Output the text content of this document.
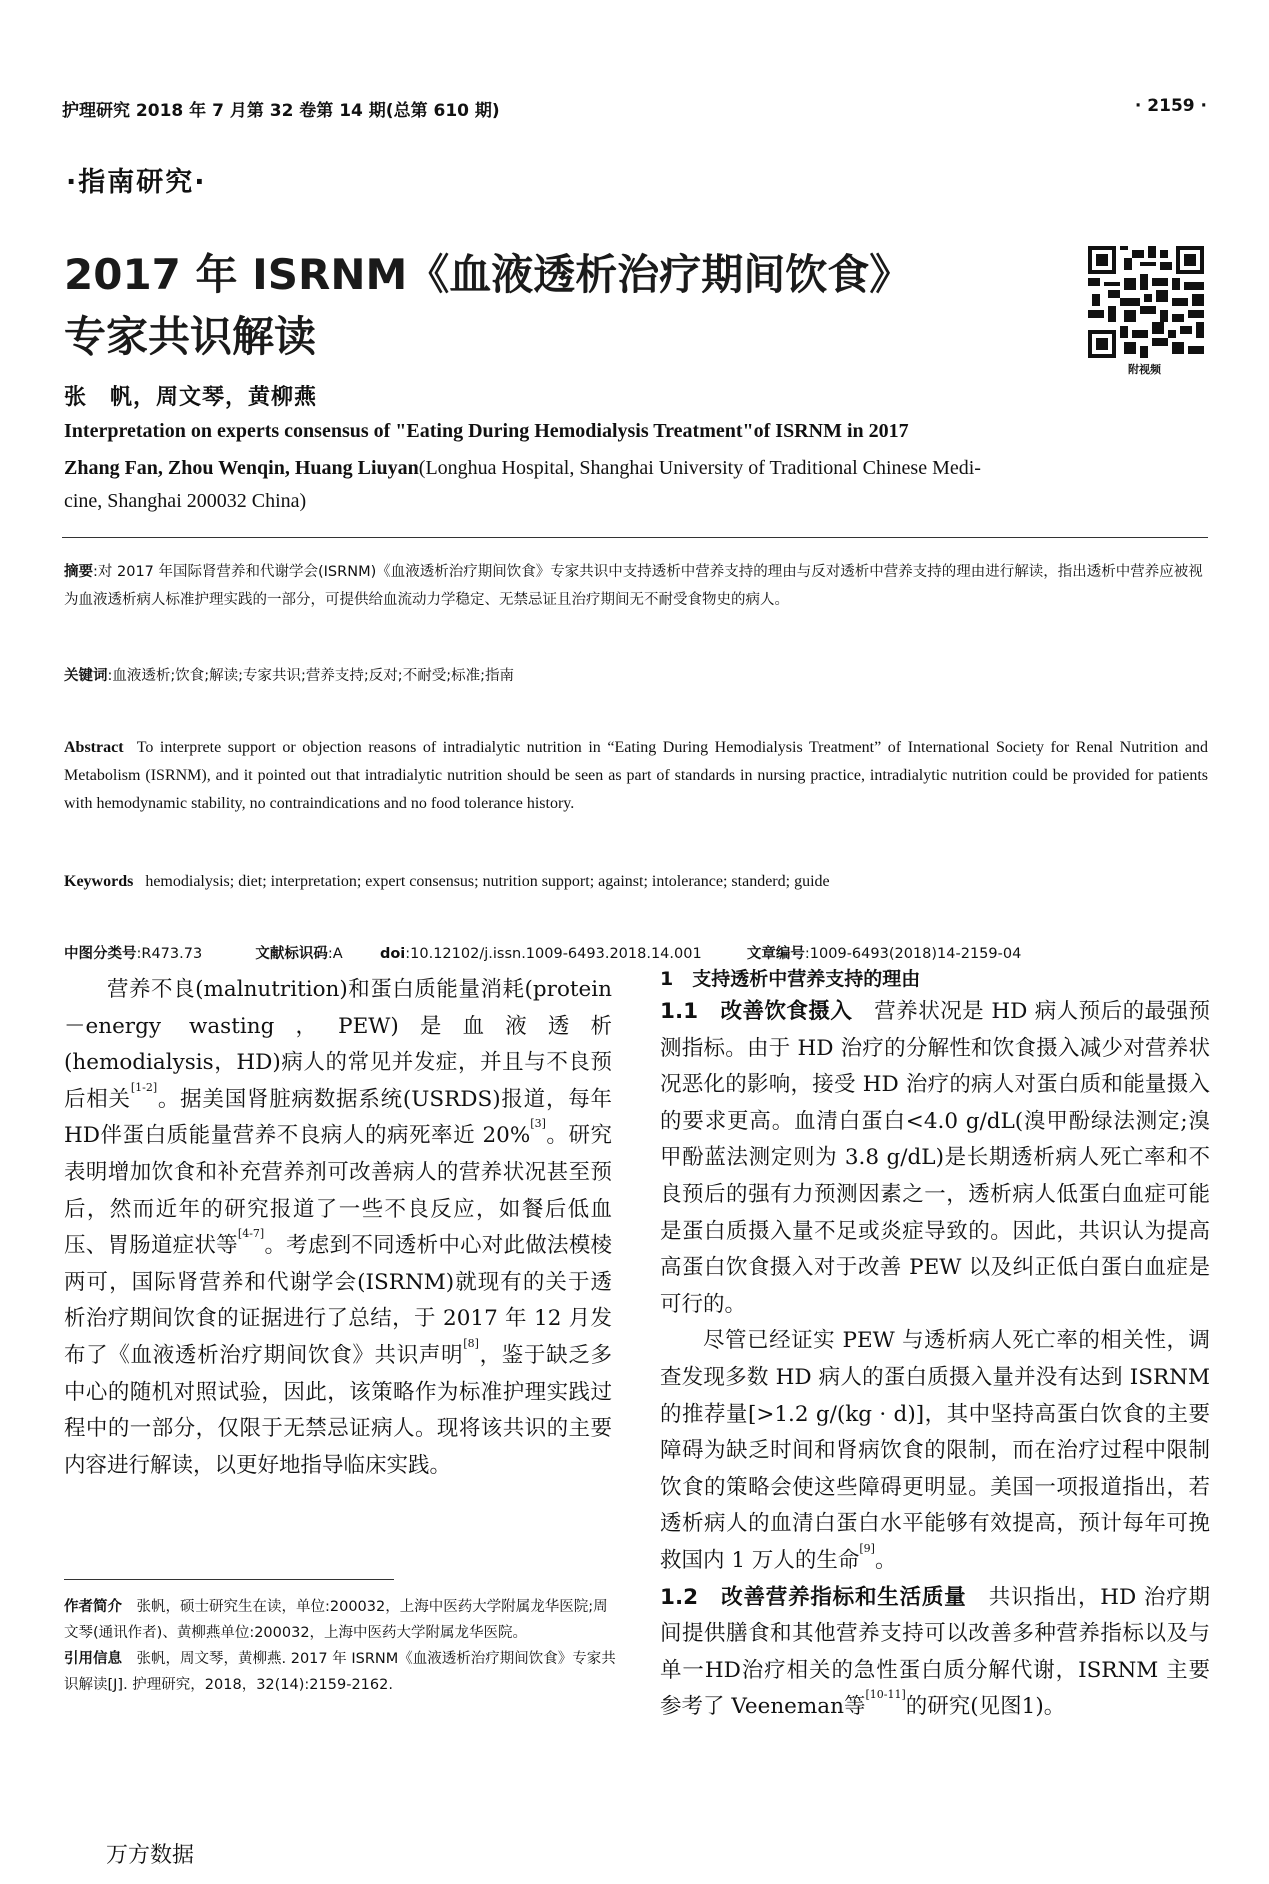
护理研究 2018 年 7 月第 32 卷第 14 期(总第 610 期)	· 2159 ·
·指南研究·
2017 年 ISRNM《血液透析治疗期间饮食》
专家共识解读
附视频
张　帆，周文琴，黄柳燕
Interpretation on experts consensus of "Eating During Hemodialysis Treatment"of ISRNM in 2017
Zhang Fan, Zhou Wenqin, Huang Liuyan(Longhua Hospital, Shanghai University of Traditional Chinese Medi-
cine, Shanghai 200032 China)
摘要:对 2017 年国际肾营养和代谢学会(ISRNM)《血液透析治疗期间饮食》专家共识中支持透析中营养支持的理由与反对透析中营养支持的理由进行解读，指出透析中营养应被视为血液透析病人标准护理实践的一部分，可提供给血流动力学稳定、无禁忌证且治疗期间无不耐受食物史的病人。
关键词:血液透析;饮食;解读;专家共识;营养支持;反对;不耐受;标准;指南
Abstract To interprete support or objection reasons of intradialytic nutrition in “Eating During Hemodialysis Treatment” of International Society for Renal Nutrition and Metabolism (ISRNM), and it pointed out that intradialytic nutrition should be seen as part of standards in nursing practice, intradialytic nutrition could be provided for patients with hemodynamic stability, no contraindications and no food tolerance history.
Keywords hemodialysis; diet; interpretation; expert consensus; nutrition support; against; intolerance; standerd; guide
中图分类号:R473.73	文献标识码:A	doi:10.12102/j.issn.1009-6493.2018.14.001	文章编号:1009-6493(2018)14-2159-04

营养不良(malnutrition)和蛋白质能量消耗(protein－energy wasting，PEW)是血液透析(hemodialysis，HD)病人的常见并发症，并且与不良预后相关[1-2]。据美国肾脏病数据系统(USRDS)报道，每年HD伴蛋白质能量营养不良病人的病死率近 20%[3]。研究表明增加饮食和补充营养剂可改善病人的营养状况甚至预后，然而近年的研究报道了一些不良反应，如餐后低血压、胃肠道症状等[4-7]。考虑到不同透析中心对此做法模棱两可，国际肾营养和代谢学会(ISRNM)就现有的关于透析治疗期间饮食的证据进行了总结，于 2017 年 12 月发布了《血液透析治疗期间饮食》共识声明[8]，鉴于缺乏多中心的随机对照试验，因此，该策略作为标准护理实践过程中的一部分，仅限于无禁忌证病人。现将该共识的主要内容进行解读，以更好地指导临床实践。

1　支持透析中营养支持的理由

1.1　改善饮食摄入　营养状况是 HD 病人预后的最强预测指标。由于 HD 治疗的分解性和饮食摄入减少对营养状况恶化的影响，接受 HD 治疗的病人对蛋白质和能量摄入的要求更高。血清白蛋白<4.0 g/dL(溴甲酚绿法测定;溴甲酚蓝法测定则为 3.8 g/dL)是长期透析病人死亡率和不良预后的强有力预测因素之一，透析病人低蛋白血症可能是蛋白质摄入量不足或炎症导致的。因此，共识认为提高高蛋白饮食摄入对于改善 PEW 以及纠正低白蛋白血症是可行的。

尽管已经证实 PEW 与透析病人死亡率的相关性，调查发现多数 HD 病人的蛋白质摄入量并没有达到 ISRNM 的推荐量[>1.2 g/(kg · d)]，其中坚持高蛋白饮食的主要障碍为缺乏时间和肾病饮食的限制，而在治疗过程中限制饮食的策略会使这些障碍更明显。美国一项报道指出，若透析病人的血清白蛋白水平能够有效提高，预计每年可挽救国内 1 万人的生命[9]。

1.2　改善营养指标和生活质量　共识指出，HD 治疗期间提供膳食和其他营养支持可以改善多种营养指标以及与单一HD治疗相关的急性蛋白质分解代谢，ISRNM 主要参考了 Veeneman等[10-11]的研究(见图1)。

作者简介　张帆，硕士研究生在读，单位:200032，上海中医药大学附属龙华医院;周文琴(通讯作者)、黄柳燕单位:200032，上海中医药大学附属龙华医院。
引用信息　张帆，周文琴，黄柳燕. 2017 年 ISRNM《血液透析治疗期间饮食》专家共识解读[J]. 护理研究，2018，32(14):2159-2162.
万方数据
